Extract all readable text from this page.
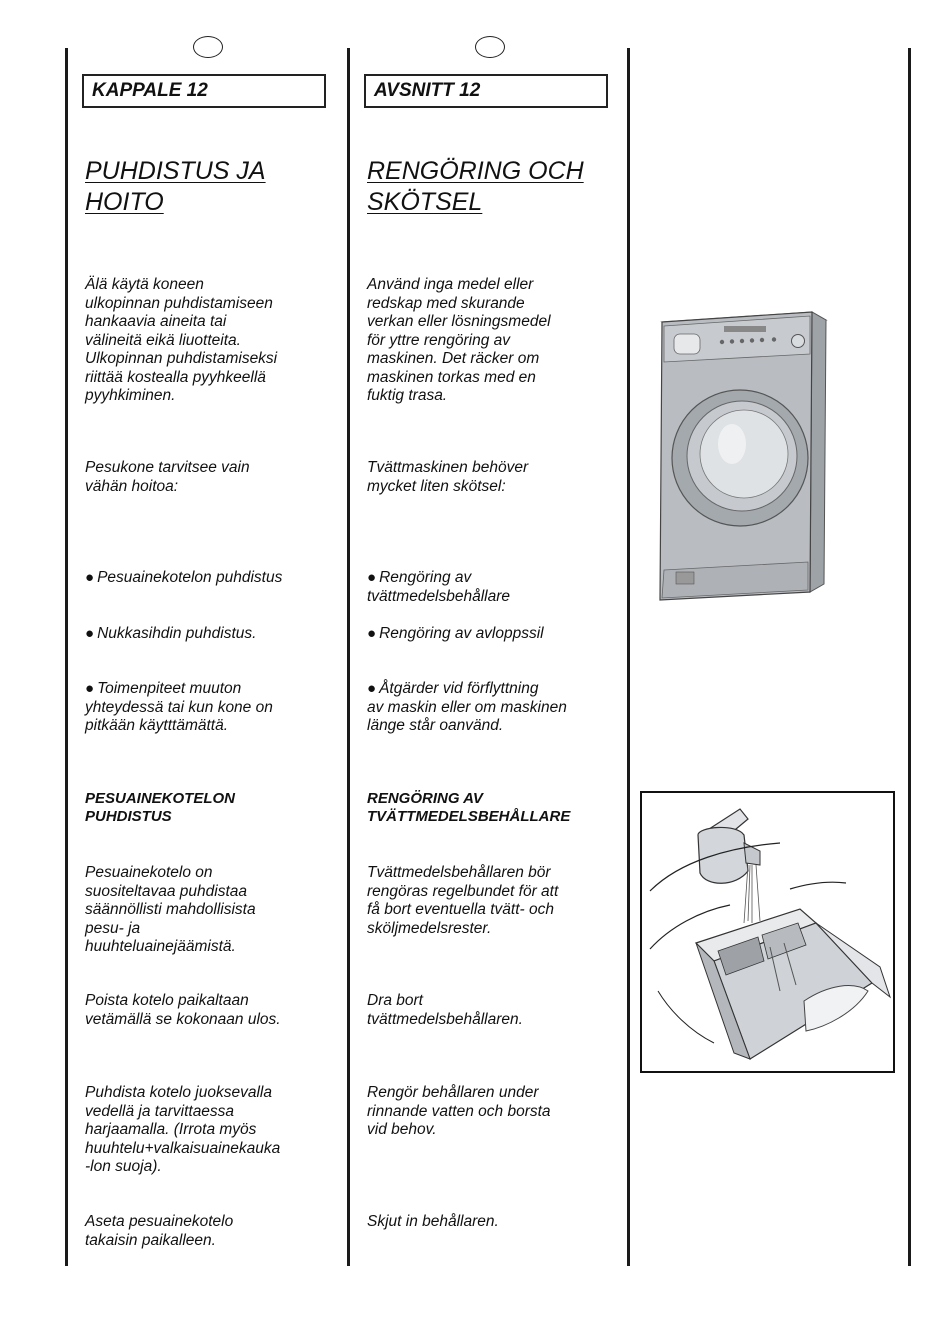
KAPPALE 12
PUHDISTUS JA
HOITO
Älä käytä koneen
ulkopinnan puhdistamiseen
hankaavia aineita tai
välineitä eikä liuotteita.
Ulkopinnan puhdistamiseksi
riittää kostealla pyyhkeellä
pyyhkiminen.
Pesukone tarvitsee vain
vähän hoitoa:
● Pesuainekotelon puhdistus
● Nukkasihdin puhdistus.
● Toimenpiteet muuton
yhteydessä tai kun kone on
pitkään käytttämättä.
PESUAINEKOTELON
PUHDISTUS
Pesuainekotelo on
suositeltavaa puhdistaa
säännöllisti mahdollisista
pesu- ja
huuhteluainejäämistä.
Poista kotelo paikaltaan
vetämällä se kokonaan ulos.
Puhdista kotelo juoksevalla
vedellä ja tarvittaessa
harjaamalla. (Irrota myös
huuhtelu+valkaisuainekauka
-lon suoja).
Aseta pesuainekotelo
takaisin paikalleen.
AVSNITT 12
RENGÖRING OCH
SKÖTSEL
Använd inga medel eller
redskap med skurande
verkan eller lösningsmedel
för yttre rengöring av
maskinen. Det räcker om
maskinen torkas med en
fuktig trasa.
Tvättmaskinen behöver
mycket liten skötsel:
● Rengöring av
tvättmedelsbehållare
● Rengöring av avloppssil
● Åtgärder vid förflyttning
av maskin eller om maskinen
länge står oanvänd.
RENGÖRING AV
TVÄTTMEDELSBEHÅLLARE
Tvättmedelsbehållaren bör
rengöras regelbundet för att
få bort eventuella tvätt- och
sköljmedelsrester.
Dra bort
tvättmedelsbehållaren.
Rengör behållaren under
rinnande vatten och borsta
vid behov.
Skjut in behållaren.
